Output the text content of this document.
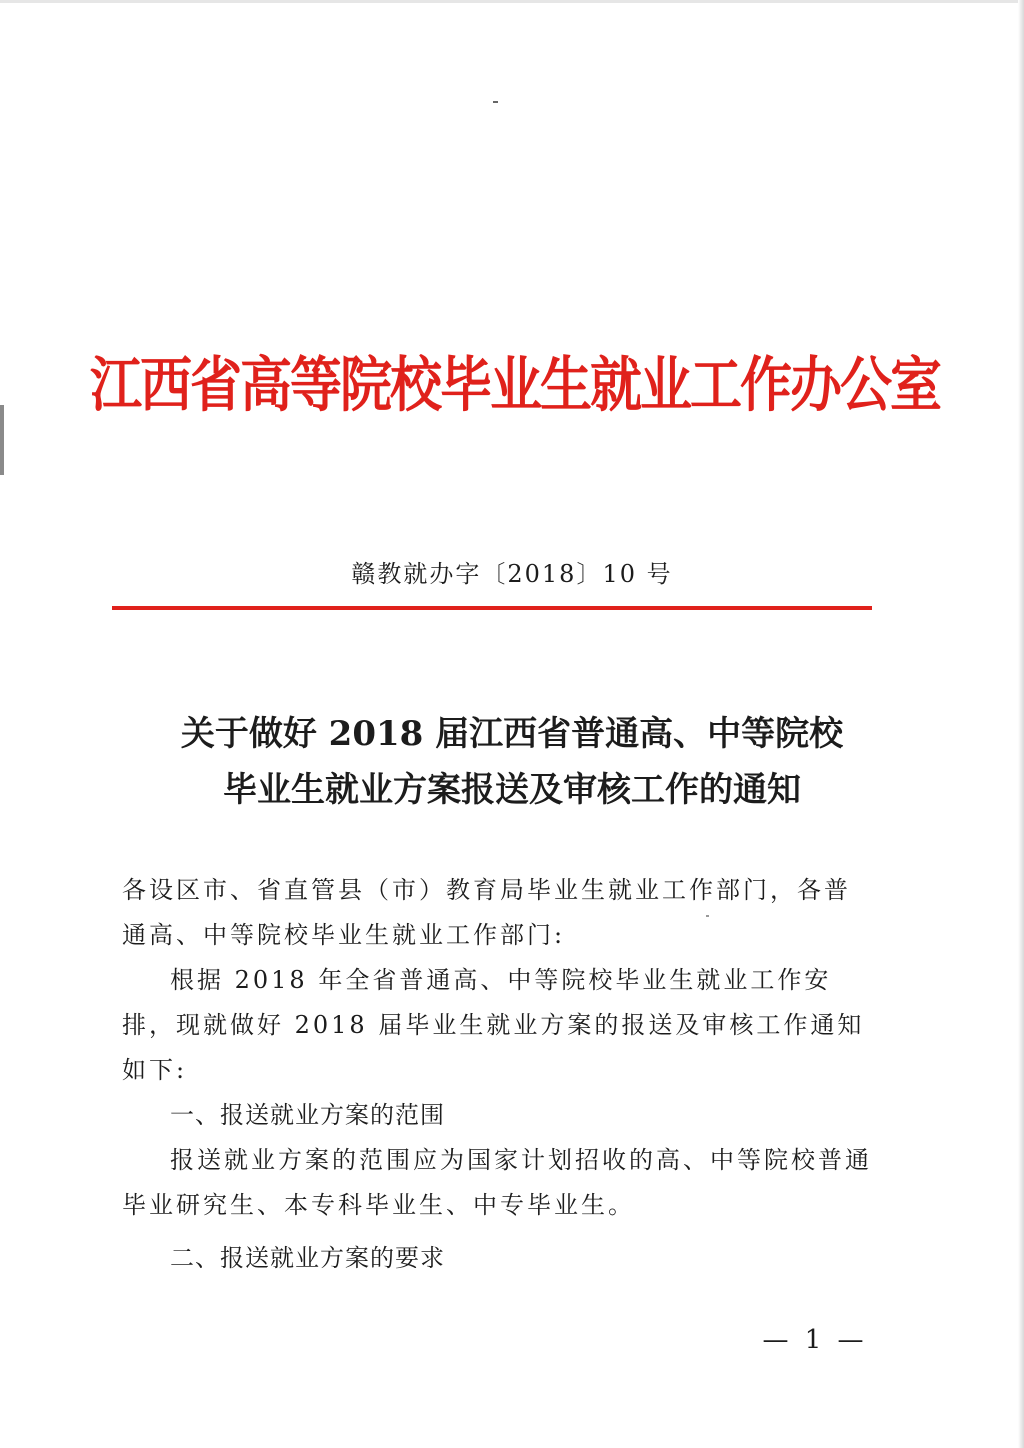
江西省高等院校毕业生就业工作办公室
赣教就办字〔2018〕10 号
关于做好 2018 届江西省普通高、中等院校
毕业生就业方案报送及审核工作的通知

各设区市、省直管县（市）教育局毕业生就业工作部门，各普通高、中等院校毕业生就业工作部门:

根据 2018 年全省普通高、中等院校毕业生就业工作安排，现就做好 2018 届毕业生就业方案的报送及审核工作通知如下:

一、报送就业方案的范围

报送就业方案的范围应为国家计划招收的高、中等院校普通毕业研究生、本专科毕业生、中专毕业生。

二、报送就业方案的要求

— 1 —
